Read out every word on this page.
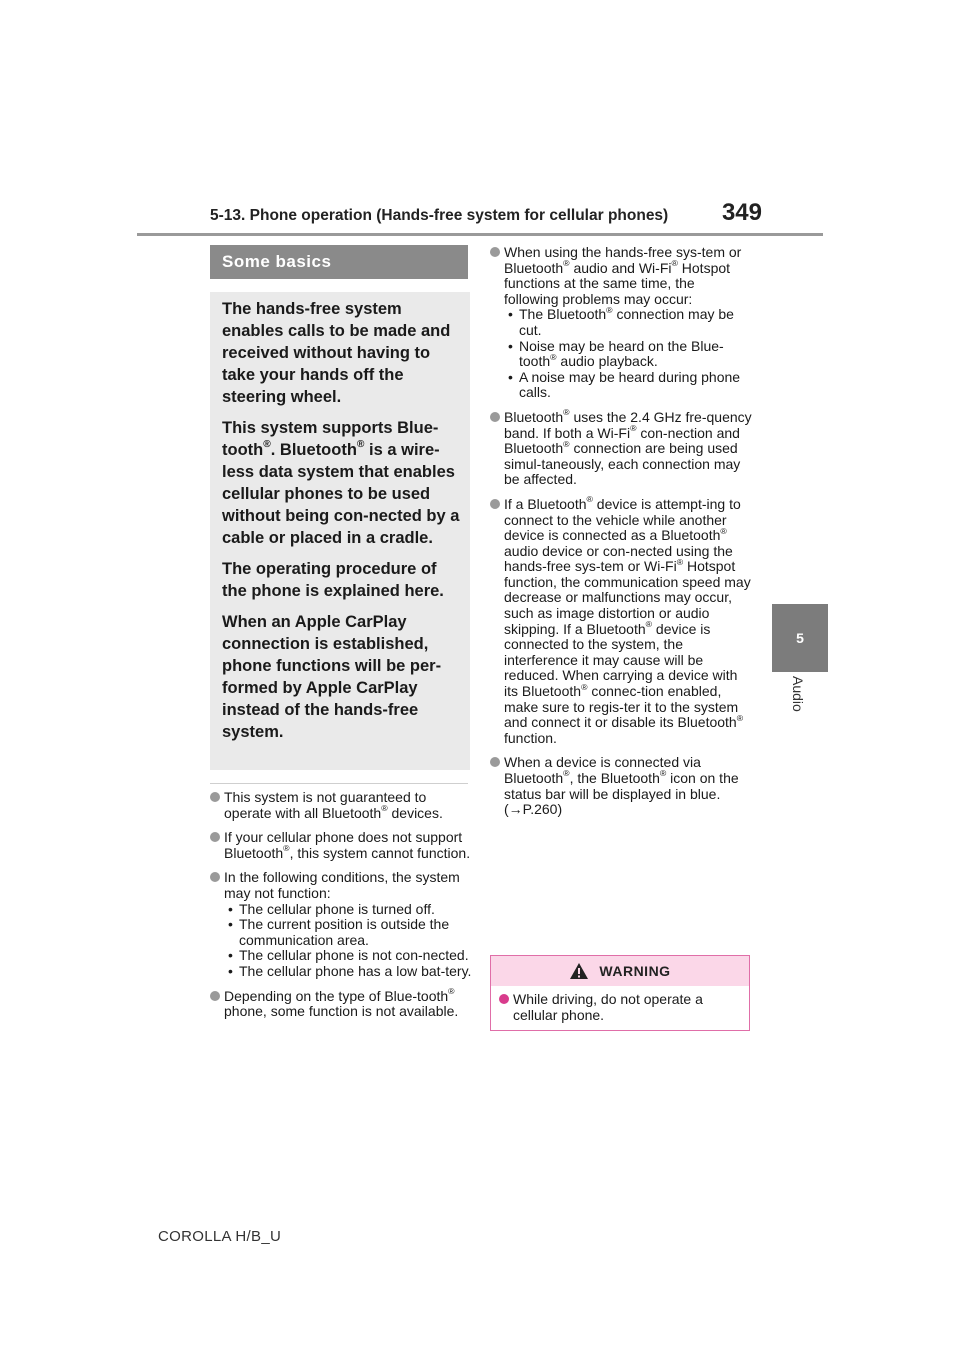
5-13. Phone operation (Hands-free system for cellular phones) 349
5
Audio
Some basics

The hands-free system enables calls to be made and received without having to take your hands off the steering wheel.

This system supports Blue-tooth®. Bluetooth® is a wire-less data system that enables cellular phones to be used without being con-nected by a cable or placed in a cradle.

The operating procedure of the phone is explained here.

When an Apple CarPlay connection is established, phone functions will be per-formed by Apple CarPlay instead of the hands-free system.

This system is not guaranteed to operate with all Bluetooth® devices.
If your cellular phone does not support Bluetooth®, this system cannot function.
In the following conditions, the system may not function:
• The cellular phone is turned off.
• The current position is outside the communication area.
• The cellular phone is not con-nected.
• The cellular phone has a low bat-tery.
Depending on the type of Blue-tooth® phone, some function is not available.
When using the hands-free sys-tem or Bluetooth® audio and Wi-Fi® Hotspot functions at the same time, the following problems may occur:
• The Bluetooth® connection may be cut.
• Noise may be heard on the Blue-tooth® audio playback.
• A noise may be heard during phone calls.
Bluetooth® uses the 2.4 GHz fre-quency band. If both a Wi-Fi® con-nection and Bluetooth® connection are being used simul-taneously, each connection may be affected.
If a Bluetooth® device is attempt-ing to connect to the vehicle while another device is connected as a Bluetooth® audio device or con-nected using the hands-free sys-tem or Wi-Fi® Hotspot function, the communication speed may decrease or malfunctions may occur, such as image distortion or audio skipping. If a Bluetooth® device is connected to the system, the interference it may cause will be reduced. When carrying a device with its Bluetooth® connec-tion enabled, make sure to regis-ter it to the system and connect it or disable its Bluetooth® function.
When a device is connected via Bluetooth®, the Bluetooth® icon on the status bar will be displayed in blue. (→P.260)
WARNING
While driving, do not operate a cellular phone.
COROLLA H/B_U
